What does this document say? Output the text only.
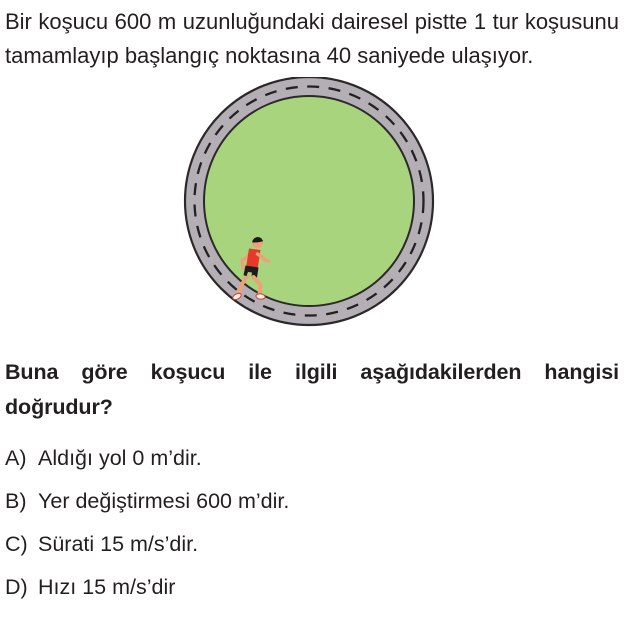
Bir koşucu 600 m uzunluğundaki dairesel pistte 1 tur koşusunu tamamlayıp başlangıç noktasına 40 saniyede ulaşıyor.

Buna göre koşucu ile ilgili aşağıdakilerden hangisi doğrudur?

A) Aldığı yol 0 m’dir.
B) Yer değiştirmesi 600 m’dir.
C) Sürati 15 m/s’dir.
D) Hızı 15 m/s’dir
